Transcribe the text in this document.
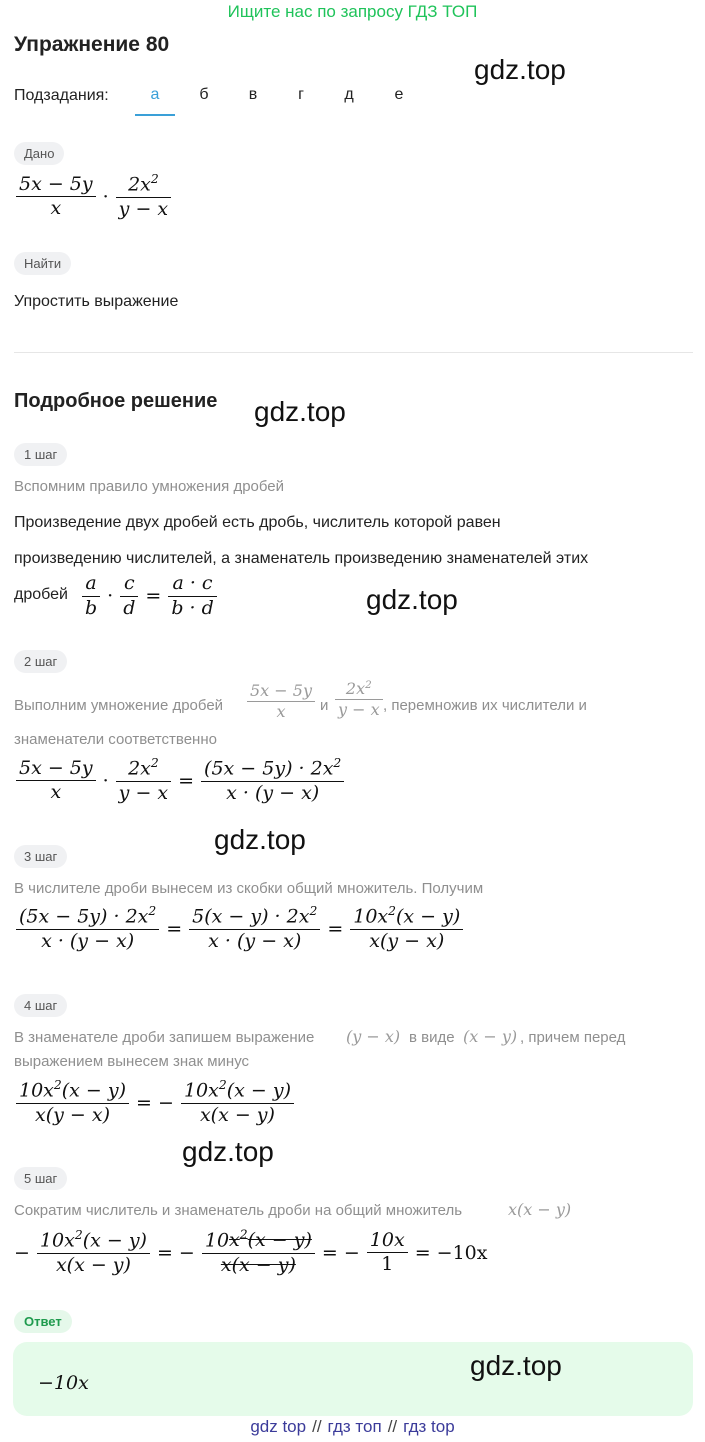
Ищите нас по запросу ГДЗ ТОП
Упражнение 80
gdz.top
Подзадания:	а	б	в	г	д	е
Дано
$\frac{5x - 5y}{x} \cdot \frac{2x^2}{y - x}$
Найти
Упростить выражение
Подробное решение gdz.top
1 шаг
Вспомним правило умножения дробей
Произведение двух дробей есть дробь, числитель которой равен
произведению числителей, а знаменатель произведению знаменателей этих
дробей $\frac{a}{b} \cdot \frac{c}{d} = \frac{a \cdot c}{b \cdot d}$	gdz.top
2 шаг
Выполним умножение дробей $\frac{5x - 5y}{x}$ и $\frac{2x^2}{y - x}$ , перемножив их числители и
знаменатели соответственно
$\frac{5x - 5y}{x} \cdot \frac{2x^2}{y - x} = \frac{(5x - 5y) \cdot 2x^2}{x \cdot (y - x)}$
gdz.top
3 шаг
В числителе дроби вынесем из скобки общий множитель. Получим
$\frac{(5x - 5y) \cdot 2x^2}{x \cdot (y - x)} = \frac{5(x - y) \cdot 2x^2}{x \cdot (y - x)} = \frac{10x^2(x - y)}{x(y - x)}$
4 шаг
В знаменателе дроби запишем выражение (y − x) в виде (x − y) , причем перед
выражением вынесем знак минус
$\frac{10x^2(x - y)}{x(y - x)}$ = − $\frac{10x^2(x - y)}{x(x - y)}$
gdz.top
5 шаг
Сократим числитель и знаменатель дроби на общий множитель	x(x − y)
− $\frac{10x^2(x - y)}{x(x - y)}$ = − $\frac{10x^2(x - y)}{x(x - y)}$ = − $\frac{10x}{1} = -10x$
Ответ
−10x
gdz.top
gdz top // гдз топ // гдз top
